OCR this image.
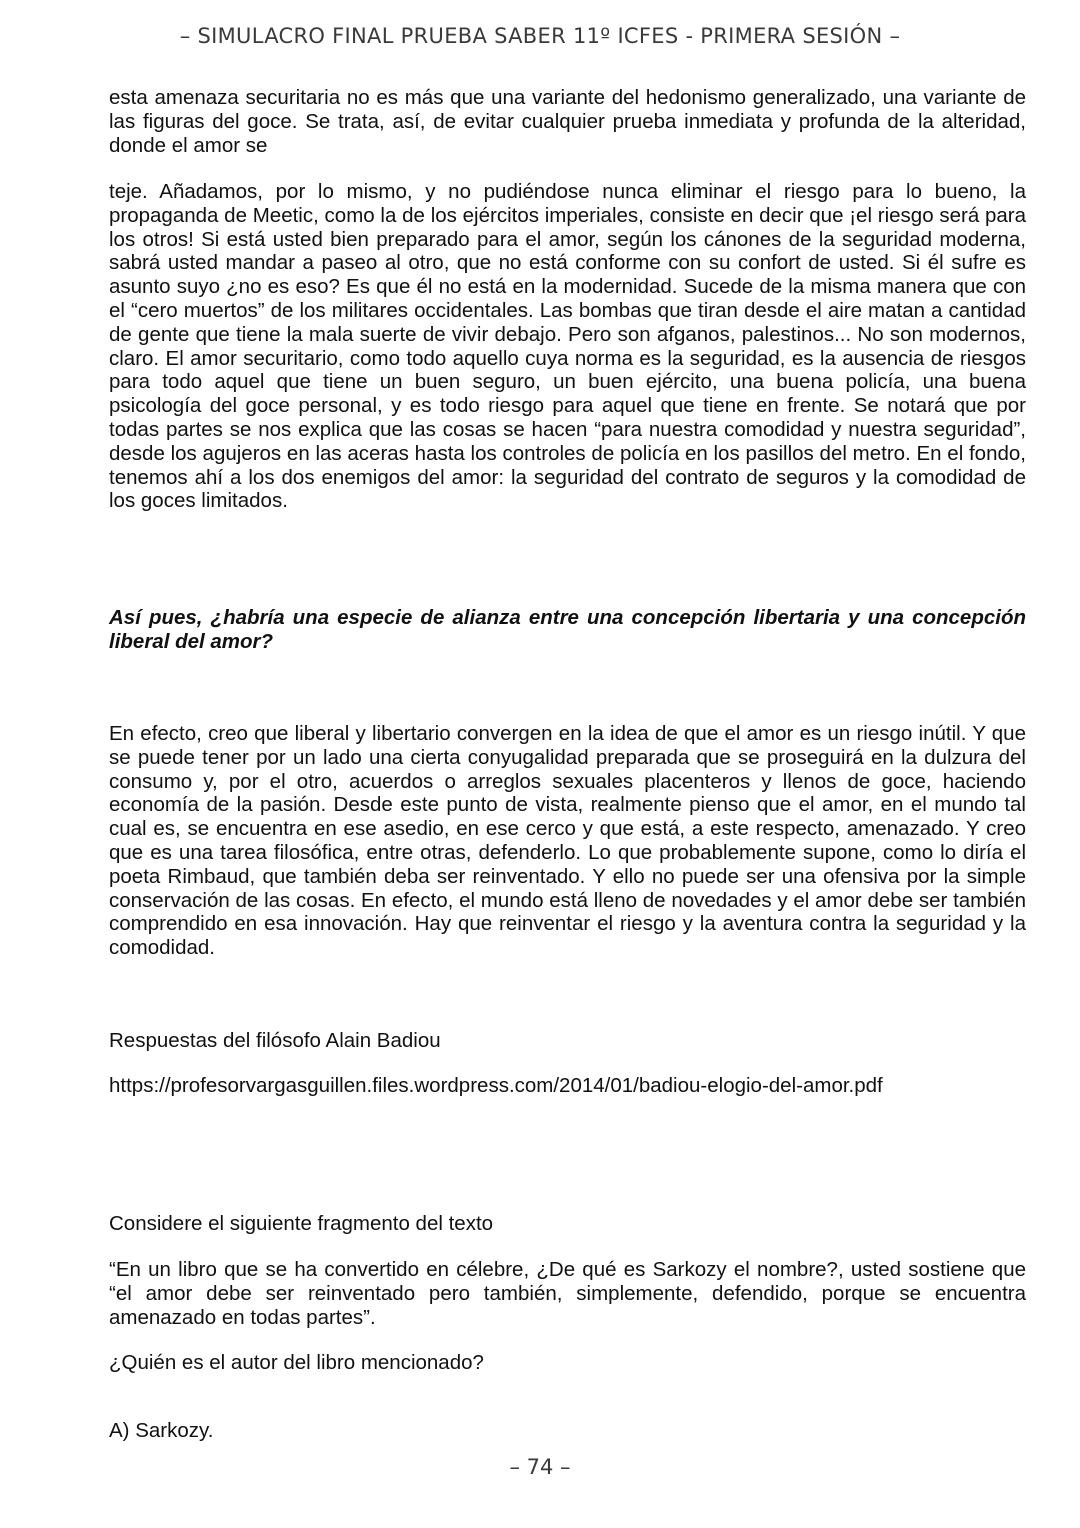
– SIMULACRO FINAL PRUEBA SABER 11º ICFES - PRIMERA SESIÓN –

esta amenaza securitaria no es más que una variante del hedonismo generalizado, una variante de las figuras del goce. Se trata, así, de evitar cualquier prueba inmediata y profunda de la alteridad, donde el amor se

teje. Añadamos, por lo mismo, y no pudiéndose nunca eliminar el riesgo para lo bueno, la propaganda de Meetic, como la de los ejércitos imperiales, consiste en decir que ¡el riesgo será para los otros! Si está usted bien preparado para el amor, según los cánones de la seguridad moderna, sabrá usted mandar a paseo al otro, que no está conforme con su confort de usted. Si él sufre es asunto suyo ¿no es eso? Es que él no está en la modernidad. Sucede de la misma manera que con el “cero muertos” de los militares occidentales. Las bombas que tiran desde el aire matan a cantidad de gente que tiene la mala suerte de vivir debajo. Pero son afganos, palestinos... No son modernos, claro. El amor securitario, como todo aquello cuya norma es la seguridad, es la ausencia de riesgos para todo aquel que tiene un buen seguro, un buen ejército, una buena policía, una buena psicología del goce personal, y es todo riesgo para aquel que tiene en frente. Se notará que por todas partes se nos explica que las cosas se hacen “para nuestra comodidad y nuestra seguridad”, desde los agujeros en las aceras hasta los controles de policía en los pasillos del metro. En el fondo, tenemos ahí a los dos enemigos del amor: la seguridad del contrato de seguros y la comodidad de los goces limitados.

Así pues, ¿habría una especie de alianza entre una concepción libertaria y una concepción liberal del amor?

En efecto, creo que liberal y libertario convergen en la idea de que el amor es un riesgo inútil. Y que se puede tener por un lado una cierta conyugalidad preparada que se proseguirá en la dulzura del consumo y, por el otro, acuerdos o arreglos sexuales placenteros y llenos de goce, haciendo economía de la pasión. Desde este punto de vista, realmente pienso que el amor, en el mundo tal cual es, se encuentra en ese asedio, en ese cerco y que está, a este respecto, amenazado. Y creo que es una tarea filosófica, entre otras, defenderlo. Lo que probablemente supone, como lo diría el poeta Rimbaud, que también deba ser reinventado. Y ello no puede ser una ofensiva por la simple conservación de las cosas. En efecto, el mundo está lleno de novedades y el amor debe ser también comprendido en esa innovación. Hay que reinventar el riesgo y la aventura contra la seguridad y la comodidad.

Respuestas del filósofo Alain Badiou

https://profesorvargasguillen.files.wordpress.com/2014/01/badiou-elogio-del-amor.pdf

Considere el siguiente fragmento del texto

“En un libro que se ha convertido en célebre, ¿De qué es Sarkozy el nombre?, usted sostiene que “el amor debe ser reinventado pero también, simplemente, defendido, porque se encuentra amenazado en todas partes”.

¿Quién es el autor del libro mencionado?

A) Sarkozy.

– 74 –
